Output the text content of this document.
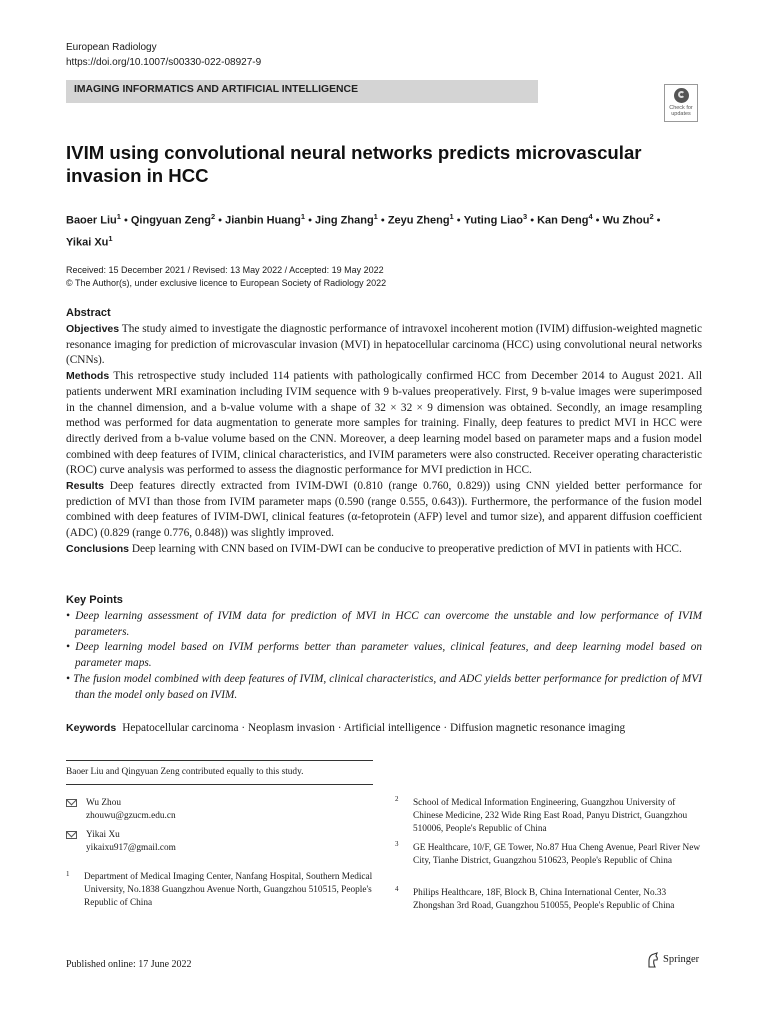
European Radiology
https://doi.org/10.1007/s00330-022-08927-9
IMAGING INFORMATICS AND ARTIFICIAL INTELLIGENCE
Check for updates
IVIM using convolutional neural networks predicts microvascular invasion in HCC
Baoer Liu$^1$ • Qingyuan Zeng$^2$ • Jianbin Huang$^1$ • Jing Zhang$^1$ • Zeyu Zheng$^1$ • Yuting Liao$^3$ • Kan Deng$^4$ • Wu Zhou$^2$ •
Yikai Xu$^1$
Received: 15 December 2021 / Revised: 13 May 2022 / Accepted: 19 May 2022
© The Author(s), under exclusive licence to European Society of Radiology 2022
Abstract

Objectives The study aimed to investigate the diagnostic performance of intravoxel incoherent motion (IVIM) diffusion-weighted magnetic resonance imaging for prediction of microvascular invasion (MVI) in hepatocellular carcinoma (HCC) using convolutional neural networks (CNNs).

Methods This retrospective study included 114 patients with pathologically confirmed HCC from December 2014 to August 2021. All patients underwent MRI examination including IVIM sequence with 9 b-values preoperatively. First, 9 b-value images were superimposed in the channel dimension, and a b-value volume with a shape of 32 × 32 × 9 dimension was obtained. Secondly, an image resampling method was performed for data augmentation to generate more samples for training. Finally, deep features to predict MVI in HCC were directly derived from a b-value volume based on the CNN. Moreover, a deep learning model based on parameter maps and a fusion model combined with deep features of IVIM, clinical characteristics, and IVIM parameters were also constructed. Receiver operating characteristic (ROC) curve analysis was performed to assess the diagnostic performance for MVI prediction in HCC.

Results Deep features directly extracted from IVIM-DWI (0.810 (range 0.760, 0.829)) using CNN yielded better performance for prediction of MVI than those from IVIM parameter maps (0.590 (range 0.555, 0.643)). Furthermore, the performance of the fusion model combined with deep features of IVIM-DWI, clinical features (α-fetoprotein (AFP) level and tumor size), and apparent diffusion coefficient (ADC) (0.829 (range 0.776, 0.848)) was slightly improved.

Conclusions Deep learning with CNN based on IVIM-DWI can be conducive to preoperative prediction of MVI in patients with HCC.

Key Points
• Deep learning assessment of IVIM data for prediction of MVI in HCC can overcome the unstable and low performance of IVIM parameters.
• Deep learning model based on IVIM performs better than parameter values, clinical features, and deep learning model based on parameter maps.
• The fusion model combined with deep features of IVIM, clinical characteristics, and ADC yields better performance for prediction of MVI than the model only based on IVIM.
Keywords Hepatocellular carcinoma · Neoplasm invasion · Artificial intelligence · Diffusion magnetic resonance imaging
Baoer Liu and Qingyuan Zeng contributed equally to this study.
Wu Zhou
zhouwu@gzucm.edu.cn
Yikai Xu
yikaixu917@gmail.com
1 Department of Medical Imaging Center, Nanfang Hospital, Southern Medical University, No.1838 Guangzhou Avenue North, Guangzhou 510515, People's Republic of China
2 School of Medical Information Engineering, Guangzhou University of Chinese Medicine, 232 Wide Ring East Road, Panyu District, Guangzhou 510006, People's Republic of China
3 GE Healthcare, 10/F, GE Tower, No.87 Hua Cheng Avenue, Pearl River New City, Tianhe District, Guangzhou 510623, People's Republic of China
4 Philips Healthcare, 18F, Block B, China International Center, No.33 Zhongshan 3rd Road, Guangzhou 510055, People's Republic of China
Published online: 17 June 2022	Springer
